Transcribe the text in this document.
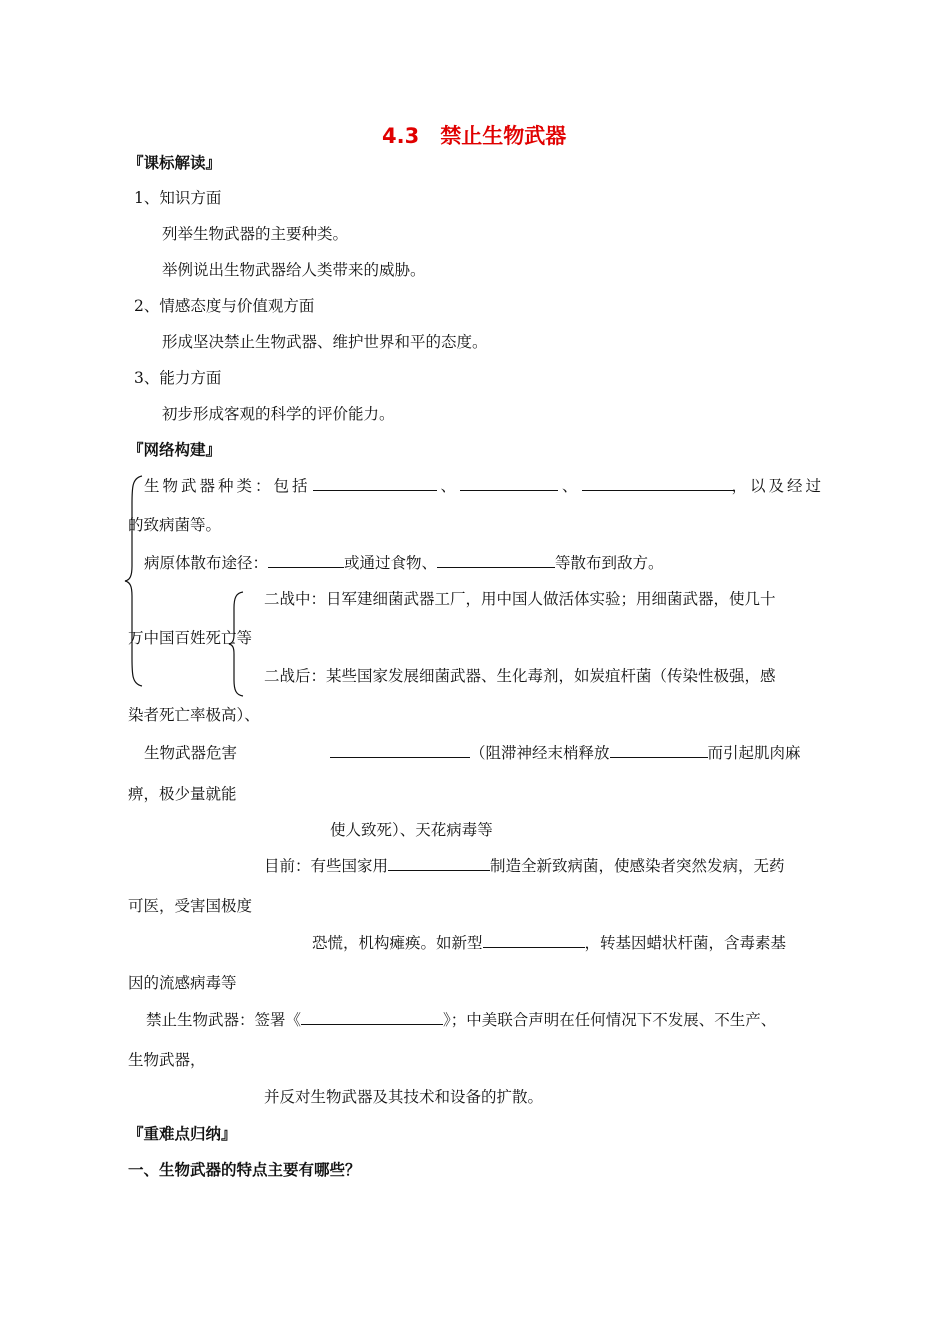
4.3　禁止生物武器
『课标解读』
1、知识方面
列举生物武器的主要种类。
举例说出生物武器给人类带来的威胁。
2、情感态度与价值观方面
形成坚决禁止生物武器、维护世界和平的态度。
3、能力方面
初步形成客观的科学的评价能力。
『网络构建』
生物武器种类：包括	、	、	，以及经过
的致病菌等。
病原体散布途径：	或通过食物、	等散布到敌方。
二战中：日军建细菌武器工厂，用中国人做活体实验；用细菌武器，使几十
万中国百姓死亡等
二战后：某些国家发展细菌武器、生化毒剂，如炭疽杆菌（传染性极强，感
染者死亡率极高）、
生物武器危害	（阻滞神经末梢释放	而引起肌肉麻
痹，极少量就能
使人致死）、天花病毒等
目前：有些国家用	制造全新致病菌，使感染者突然发病，无药
可医，受害国极度
恐慌，机构瘫痪。如新型	，转基因蜡状杆菌，含毒素基
因的流感病毒等
禁止生物武器：签署《	》；中美联合声明在任何情况下不发展、不生产、
生物武器，
并反对生物武器及其技术和设备的扩散。
『重难点归纳』
一、生物武器的特点主要有哪些？
